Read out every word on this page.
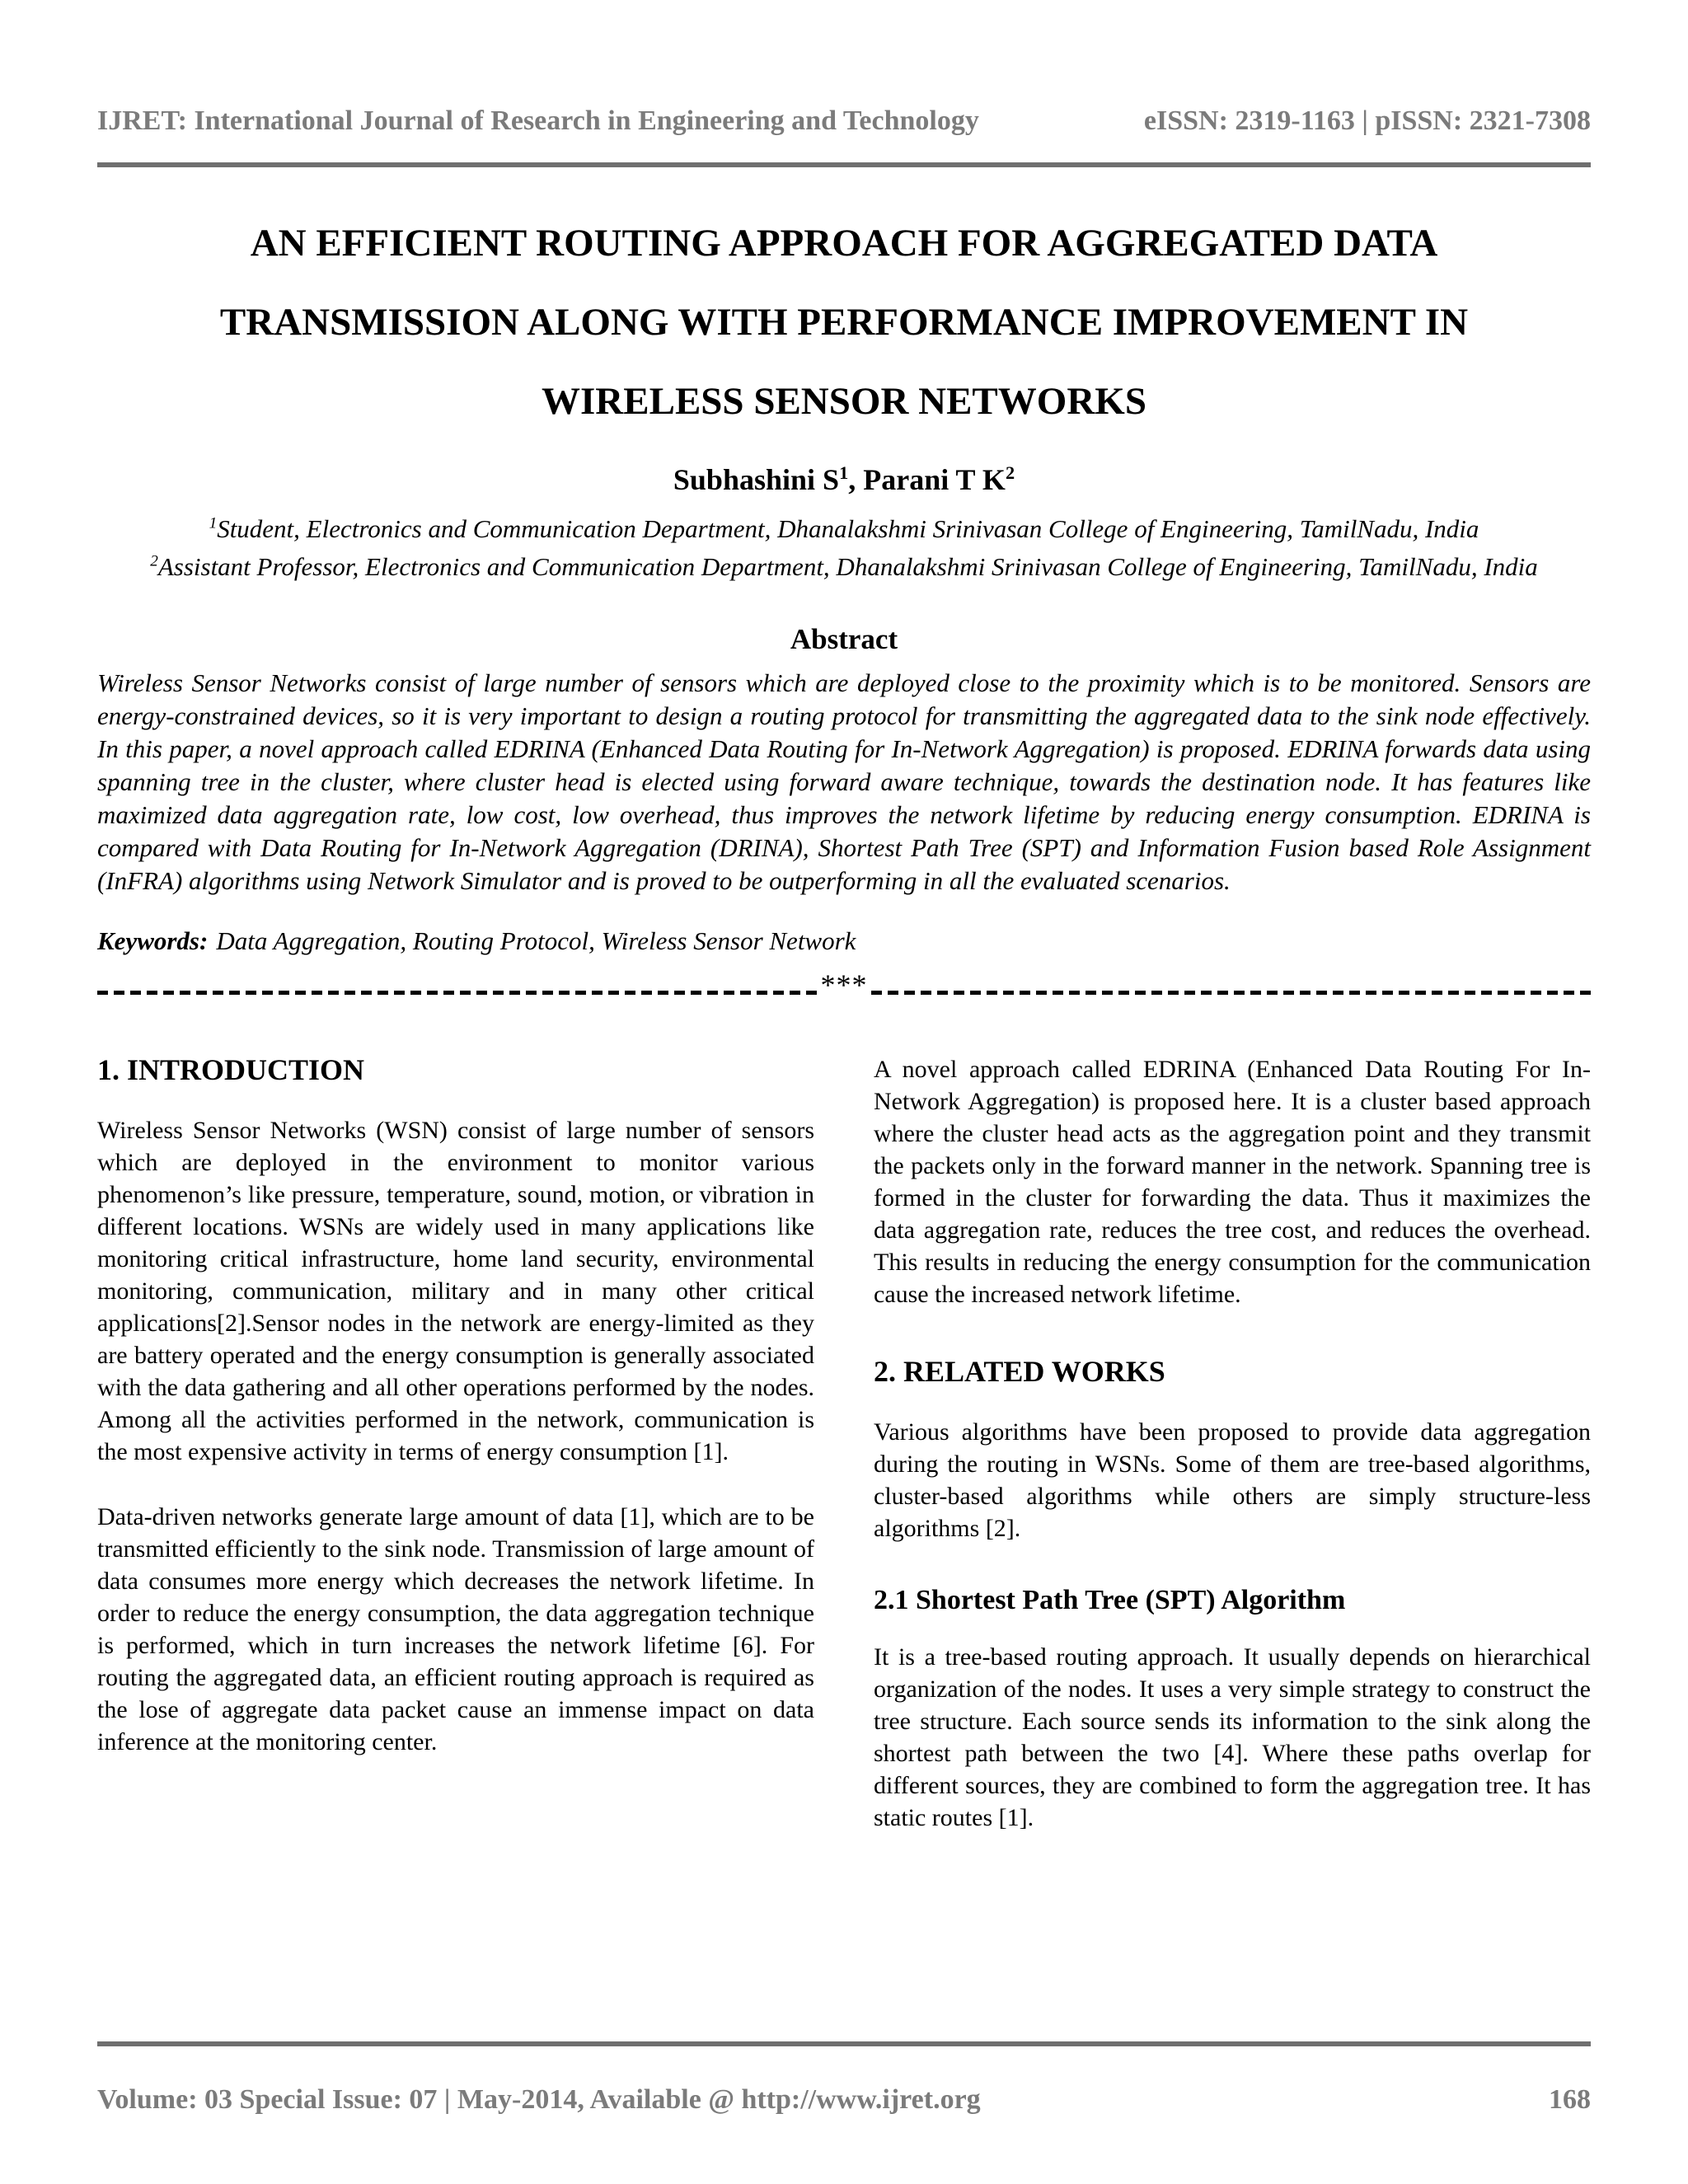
IJRET: International Journal of Research in Engineering and Technology	eISSN: 2319-1163 | pISSN: 2321-7308
AN EFFICIENT ROUTING APPROACH FOR AGGREGATED DATA
TRANSMISSION ALONG WITH PERFORMANCE IMPROVEMENT IN
WIRELESS SENSOR NETWORKS
Subhashini $S^1$, Parani T $K^2$
$^1$Student, Electronics and Communication Department, Dhanalakshmi Srinivasan College of Engineering, TamilNadu, India
$^2$Assistant Professor, Electronics and Communication Department, Dhanalakshmi Srinivasan College of Engineering, TamilNadu, India
Abstract
Wireless Sensor Networks consist of large number of sensors which are deployed close to the proximity which is to be monitored. Sensors are energy-constrained devices, so it is very important to design a routing protocol for transmitting the aggregated data to the sink node effectively. In this paper, a novel approach called EDRINA (Enhanced Data Routing for In-Network Aggregation) is proposed. EDRINA forwards data using spanning tree in the cluster, where cluster head is elected using forward aware technique, towards the destination node. It has features like maximized data aggregation rate, low cost, low overhead, thus improves the network lifetime by reducing energy consumption. EDRINA is compared with Data Routing for In-Network Aggregation (DRINA), Shortest Path Tree (SPT) and Information Fusion based Role Assignment (InFRA) algorithms using Network Simulator and is proved to be outperforming in all the evaluated scenarios.
Keywords: Data Aggregation, Routing Protocol, Wireless Sensor Network
***
1. INTRODUCTION

Wireless Sensor Networks (WSN) consist of large number of sensors which are deployed in the environment to monitor various phenomenon’s like pressure, temperature, sound, motion, or vibration in different locations. WSNs are widely used in many applications like monitoring critical infrastructure, home land security, environmental monitoring, communication, military and in many other critical applications[2].Sensor nodes in the network are energy-limited as they are battery operated and the energy consumption is generally associated with the data gathering and all other operations performed by the nodes. Among all the activities performed in the network, communication is the most expensive activity in terms of energy consumption [1].

Data-driven networks generate large amount of data [1], which are to be transmitted efficiently to the sink node. Transmission of large amount of data consumes more energy which decreases the network lifetime. In order to reduce the energy consumption, the data aggregation technique is performed, which in turn increases the network lifetime [6]. For routing the aggregated data, an efficient routing approach is required as the lose of aggregate data packet cause an immense impact on data inference at the monitoring center.

A novel approach called EDRINA (Enhanced Data Routing For In-Network Aggregation) is proposed here. It is a cluster based approach where the cluster head acts as the aggregation point and they transmit the packets only in the forward manner in the network. Spanning tree is formed in the cluster for forwarding the data. Thus it maximizes the data aggregation rate, reduces the tree cost, and reduces the overhead. This results in reducing the energy consumption for the communication cause the increased network lifetime.

2. RELATED WORKS

Various algorithms have been proposed to provide data aggregation during the routing in WSNs. Some of them are tree-based algorithms, cluster-based algorithms while others are simply structure-less algorithms [2].

2.1 Shortest Path Tree (SPT) Algorithm

It is a tree-based routing approach. It usually depends on hierarchical organization of the nodes. It uses a very simple strategy to construct the tree structure. Each source sends its information to the sink along the shortest path between the two [4]. Where these paths overlap for different sources, they are combined to form the aggregation tree. It has static routes [1].

Volume: 03 Special Issue: 07 | May-2014, Available @ http://www.ijret.org	168
